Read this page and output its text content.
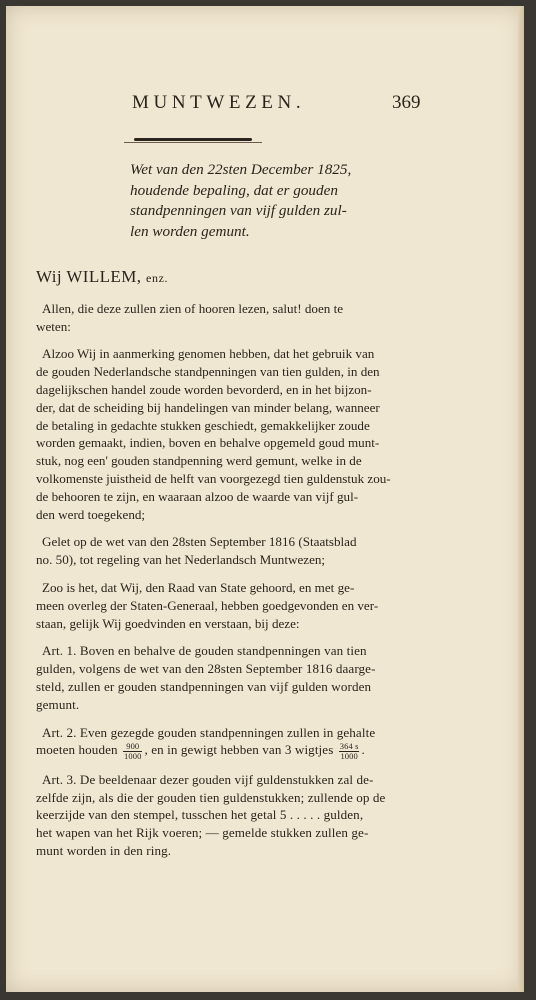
MUNTWEZEN.	369
Wet van den 22sten December 1825,
houdende bepaling, dat er gouden
standpenningen van vijf gulden zul-
len worden gemunt.
Wij WILLEM, enz.
Allen, die deze zullen zien of hooren lezen, salut! doen te
weten:
Alzoo Wij in aanmerking genomen hebben, dat het gebruik van
de gouden Nederlandsche standpenningen van tien gulden, in den
dagelijkschen handel zoude worden bevorderd, en in het bijzon-
der, dat de scheiding bij handelingen van minder belang, wanneer
de betaling in gedachte stukken geschiedt, gemakkelijker zoude
worden gemaakt, indien, boven en behalve opgemeld goud munt-
stuk, nog een' gouden standpenning werd gemunt, welke in de
volkomenste juistheid de helft van voorgezegd tien guldenstuk zou-
de behooren te zijn, en waaraan alzoo de waarde van vijf gul-
den werd toegekend;
Gelet op de wet van den 28sten September 1816 (Staatsblad
no. 50), tot regeling van het Nederlandsch Muntwezen;
Zoo is het, dat Wij, den Raad van State gehoord, en met ge-
meen overleg der Staten-Generaal, hebben goedgevonden en ver-
staan, gelijk Wij goedvinden en verstaan, bij deze:
Art. 1. Boven en behalve de gouden standpenningen van tien
gulden, volgens de wet van den 28sten September 1816 daarge-
steld, zullen er gouden standpenningen van vijf gulden worden
gemunt.
Art. 2. Even gezegde gouden standpenningen zullen in gehalte
moeten houden $\frac{900}{1000}$ , en in gewigt hebben van 3 wigtjes $\frac{364 s}{1000}$ .
Art. 3. De beeldenaar dezer gouden vijf guldenstukken zal de-
zelfde zijn, als die der gouden tien guldenstukken; zullende op de
keerzijde van den stempel, tusschen het getal 5 . . . . . gulden,
het wapen van het Rijk voeren; — gemelde stukken zullen ge-
munt worden in den ring.
